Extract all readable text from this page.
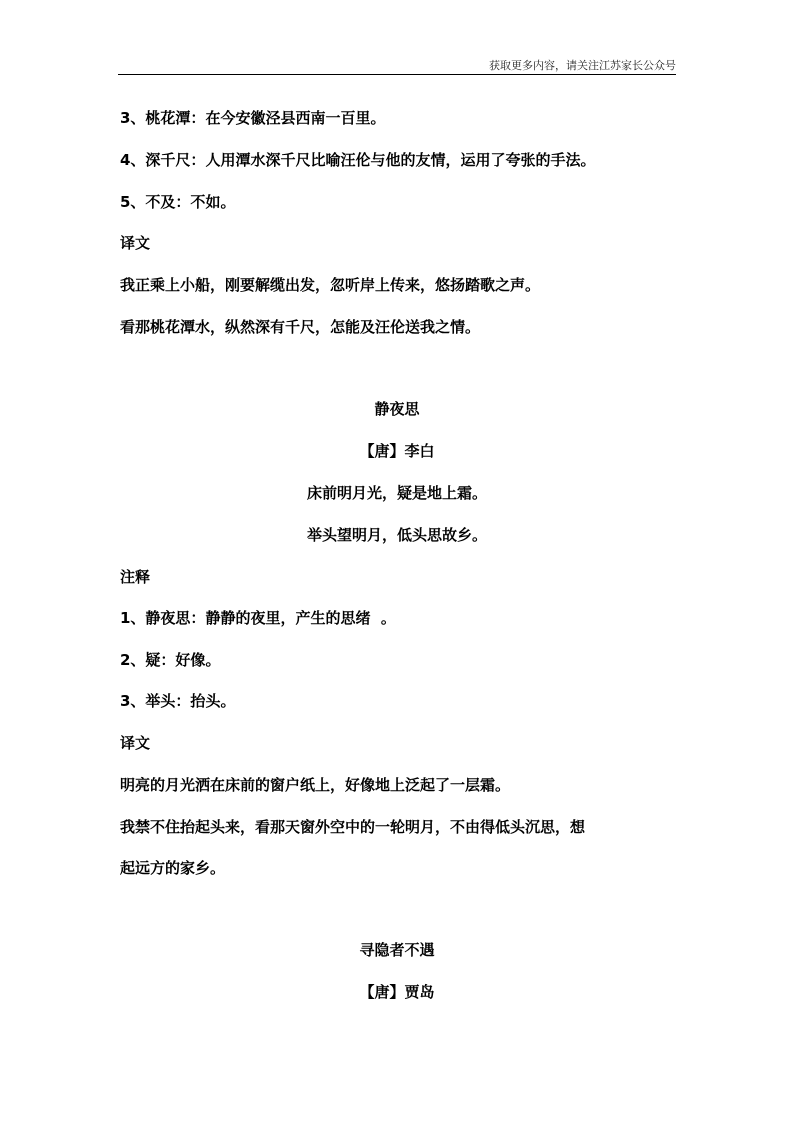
获取更多内容，请关注江苏家长公众号
3、桃花潭：在今安徽泾县西南一百里。
4、深千尺：人用潭水深千尺比喻汪伦与他的友情，运用了夸张的手法。
5、不及：不如。
译文
我正乘上小船，刚要解缆出发，忽听岸上传来，悠扬踏歌之声。
看那桃花潭水，纵然深有千尺，怎能及汪伦送我之情。
静夜思
【唐】李白
床前明月光，疑是地上霜。
举头望明月，低头思故乡。
注释
1、静夜思：静静的夜里，产生的思绪  。
2、疑：好像。
3、举头：抬头。
译文
明亮的月光洒在床前的窗户纸上，好像地上泛起了一层霜。
我禁不住抬起头来，看那天窗外空中的一轮明月，不由得低头沉思，想
起远方的家乡。
寻隐者不遇
【唐】贾岛
